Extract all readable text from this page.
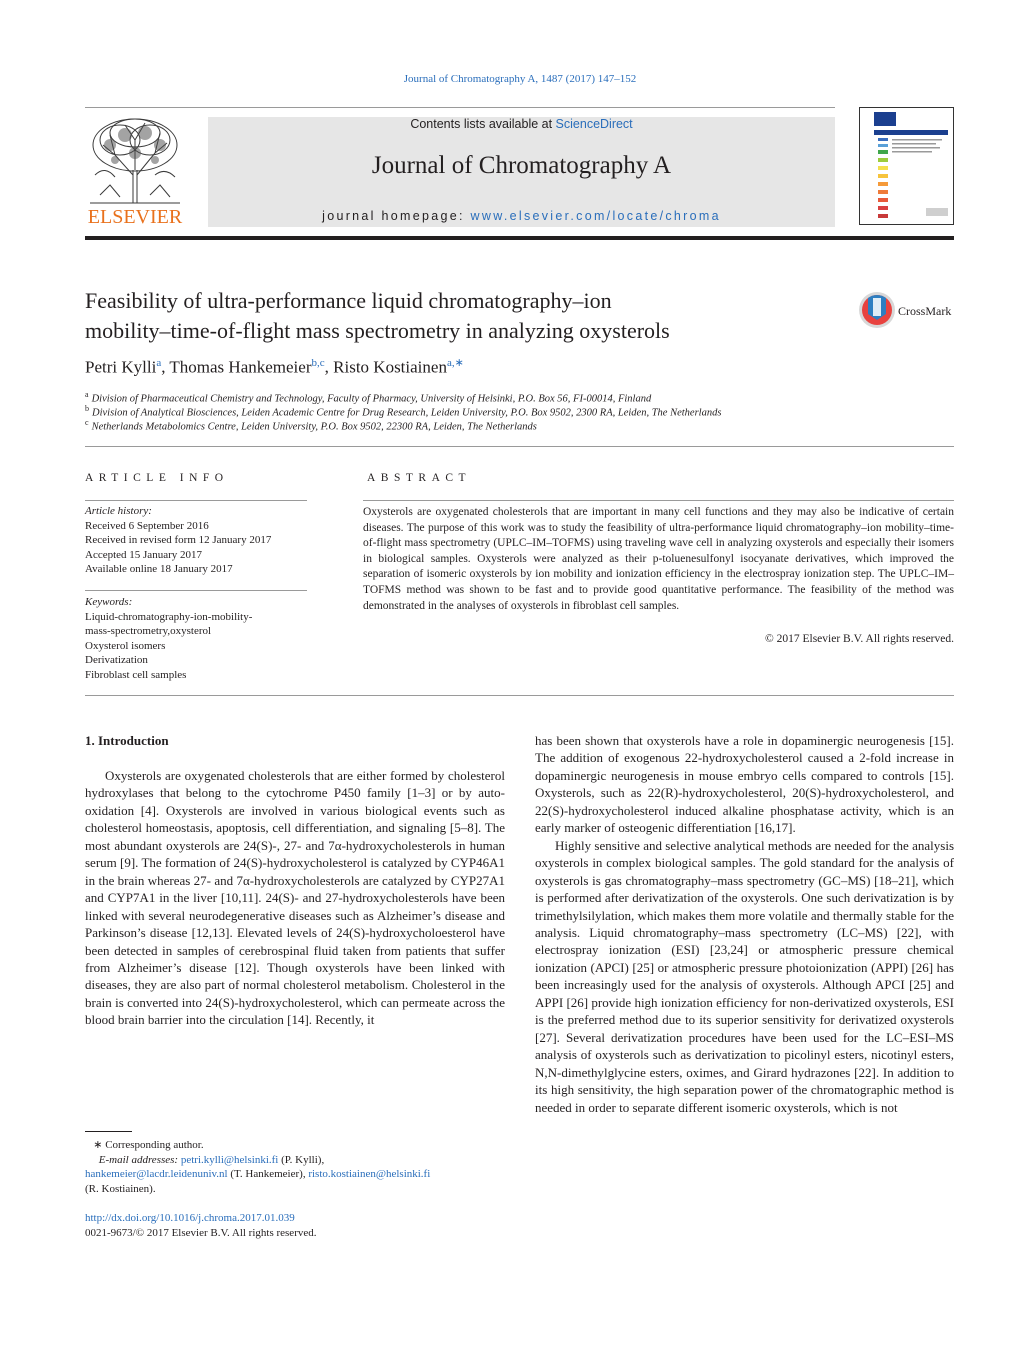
Journal of Chromatography A, 1487 (2017) 147–152
ELSEVIER
Contents lists available at ScienceDirect
Journal of Chromatography A
journal homepage: www.elsevier.com/locate/chroma
Feasibility of ultra-performance liquid chromatography–ion
mobility–time-of-flight mass spectrometry in analyzing oxysterols
CrossMark
Petri Kylli$^a$, Thomas Hankemeier$^{b,c}$, Risto Kostiainen$^{a,∗}$
$^a$ Division of Pharmaceutical Chemistry and Technology, Faculty of Pharmacy, University of Helsinki, P.O. Box 56, FI-00014, Finland
$^b$ Division of Analytical Biosciences, Leiden Academic Centre for Drug Research, Leiden University, P.O. Box 9502, 2300 RA, Leiden, The Netherlands
$^c$ Netherlands Metabolomics Centre, Leiden University, P.O. Box 9502, 22300 RA, Leiden, The Netherlands
ARTICLE INFO
Article history:
Received 6 September 2016
Received in revised form 12 January 2017
Accepted 15 January 2017
Available online 18 January 2017
Keywords:
Liquid-chromatography-ion-mobility-
mass-spectrometry,oxysterol
Oxysterol isomers
Derivatization
Fibroblast cell samples
ABSTRACT
Oxysterols are oxygenated cholesterols that are important in many cell functions and they may also be indicative of certain diseases. The purpose of this work was to study the feasibility of ultra-performance liquid chromatography–ion mobility–time-of-flight mass spectrometry (UPLC–IM–TOFMS) using traveling wave cell in analyzing oxysterols and especially their isomers in biological samples. Oxysterols were analyzed as their p-toluenesulfonyl isocyanate derivatives, which improved the separation of isomeric oxysterols by ion mobility and ionization efficiency in the electrospray ionization step. The UPLC–IM–TOFMS method was shown to be fast and to provide good quantitative performance. The feasibility of the method was demonstrated in the analyses of oxysterols in fibroblast cell samples.
© 2017 Elsevier B.V. All rights reserved.
1. Introduction

Oxysterols are oxygenated cholesterols that are either formed by cholesterol hydroxylases that belong to the cytochrome P450 family [1–3] or by auto-oxidation [4]. Oxysterols are involved in various biological events such as cholesterol homeostasis, apoptosis, cell differentiation, and signaling [5–8]. The most abundant oxysterols are 24(S)-, 27- and 7α-hydroxycholesterols in human serum [9]. The formation of 24(S)-hydroxycholesterol is catalyzed by CYP46A1 in the brain whereas 27- and 7α-hydroxycholesterols are catalyzed by CYP27A1 and CYP7A1 in the liver [10,11]. 24(S)- and 27-hydroxycholesterols have been linked with several neurodegenerative diseases such as Alzheimer’s disease and Parkinson’s disease [12,13]. Elevated levels of 24(S)-hydroxycholoesterol have been detected in samples of cerebrospinal fluid taken from patients that suffer from Alzheimer’s disease [12]. Though oxysterols have been linked with diseases, they are also part of normal cholesterol metabolism. Cholesterol in the brain is converted into 24(S)-hydroxycholesterol, which can permeate across the blood brain barrier into the circulation [14]. Recently, it

has been shown that oxysterols have a role in dopaminergic neurogenesis [15]. The addition of exogenous 22-hydroxycholesterol caused a 2-fold increase in dopaminergic neurogenesis in mouse embryo cells compared to controls [15]. Oxysterols, such as 22(R)-hydroxycholesterol, 20(S)-hydroxycholesterol, and 22(S)-hydroxycholesterol induced alkaline phosphatase activity, which is an early marker of osteogenic differentiation [16,17].

Highly sensitive and selective analytical methods are needed for the analysis oxysterols in complex biological samples. The gold standard for the analysis of oxysterols is gas chromatography–mass spectrometry (GC–MS) [18–21], which is performed after derivatization of the oxysterols. One such derivatization is by trimethylsilylation, which makes them more volatile and thermally stable for the analysis. Liquid chromatography–mass spectrometry (LC–MS) [22], with electrospray ionization (ESI) [23,24] or atmospheric pressure chemical ionization (APCI) [25] or atmospheric pressure photoionization (APPI) [26] has been increasingly used for the analysis of oxysterols. Although APCI [25] and APPI [26] provide high ionization efficiency for non-derivatized oxysterols, ESI is the preferred method due to its superior sensitivity for derivatized oxysterols [27]. Several derivatization procedures have been used for the LC–ESI–MS analysis of oxysterols such as derivatization to picolinyl esters, nicotinyl esters, N,N-dimethylglycine esters, oximes, and Girard hydrazones [22]. In addition to its high sensitivity, the high separation power of the chromatographic method is needed in order to separate different isomeric oxysterols, which is not

∗ Corresponding author.
E-mail addresses: petri.kylli@helsinki.fi (P. Kylli),
hankemeier@lacdr.leidenuniv.nl (T. Hankemeier), risto.kostiainen@helsinki.fi
(R. Kostiainen).
http://dx.doi.org/10.1016/j.chroma.2017.01.039
0021-9673/© 2017 Elsevier B.V. All rights reserved.
